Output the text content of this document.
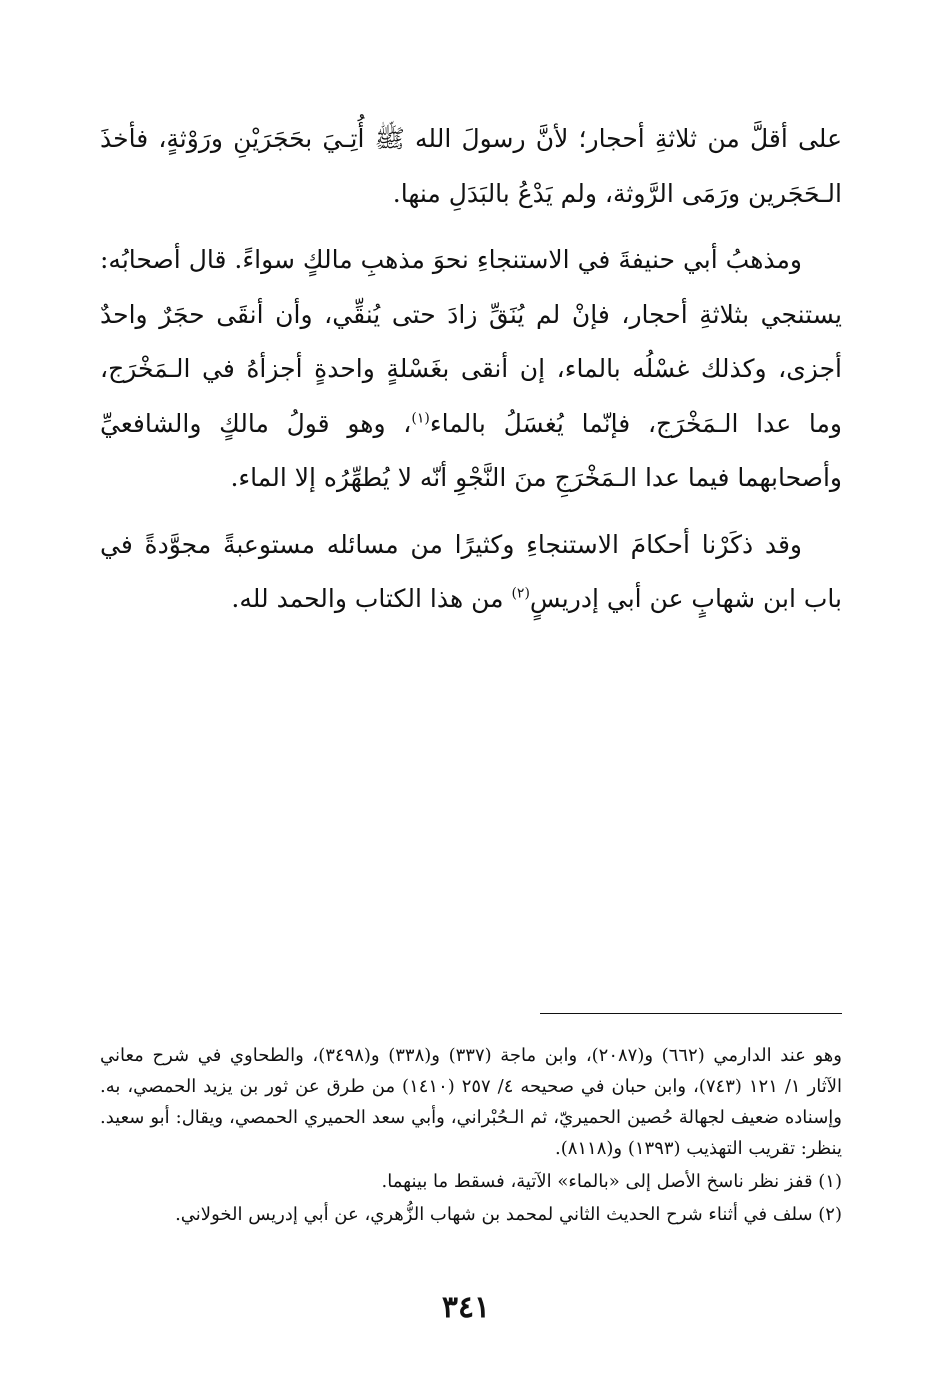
على أقلَّ من ثلاثةِ أحجار؛ لأنَّ رسولَ الله ﷺ أُتِـيَ بحَجَرَيْنِ ورَوْثةٍ، فأخذَ الـحَجَرين ورَمَى الرَّوثة، ولم يَدْعُ بالبَدَلِ منها.

ومذهبُ أبي حنيفةَ في الاستنجاءِ نحوَ مذهبِ مالكٍ سواءً. قال أصحابُه: يستنجي بثلاثةِ أحجار، فإنْ لم يُنَقِّ زادَ حتى يُنقِّي، وأن أنقَى حجَرٌ واحدٌ أجزى، وكذلك غسْلُه بالماء، إن أنقى بغَسْلةٍ واحدةٍ أجزأهُ في الـمَخْرَج، وما عدا الـمَخْرَج، فإنّما يُغسَلُ بالماء$^{(١)}$، وهو قولُ مالكٍ والشافعيِّ وأصحابهما فيما عدا الـمَخْرَجِ منَ النَّجْوِ أنّه لا يُطهِّرُه إلا الماء.

وقد ذكَرْنا أحكامَ الاستنجاءِ وكثيرًا من مسائله مستوعبةً مجوَّدةً في باب ابن شهابٍ عن أبي إدريسٍ$^{(٢)}$ من هذا الكتاب والحمد لله.

وهو عند الدارمي (٦٦٢) و(٢٠٨٧)، وابن ماجة (٣٣٧) و(٣٣٨) و(٣٤٩٨)، والطحاوي في شرح معاني الآثار ١/ ١٢١ (٧٤٣)، وابن حبان في صحيحه ٤/ ٢٥٧ (١٤١٠) من طرق عن ثور بن يزيد الحمصي، به. وإسناده ضعيف لجهالة حُصين الحميريّ، ثم الـحُبْراني، وأبي سعد الحميري الحمصي، ويقال: أبو سعيد. ينظر: تقريب التهذيب (١٣٩٣) و(٨١١٨).

(١) قفز نظر ناسخ الأصل إلى «بالماء» الآتية، فسقط ما بينهما.

(٢) سلف في أثناء شرح الحديث الثاني لمحمد بن شهاب الزُّهري، عن أبي إدريس الخولاني.

٣٤١
